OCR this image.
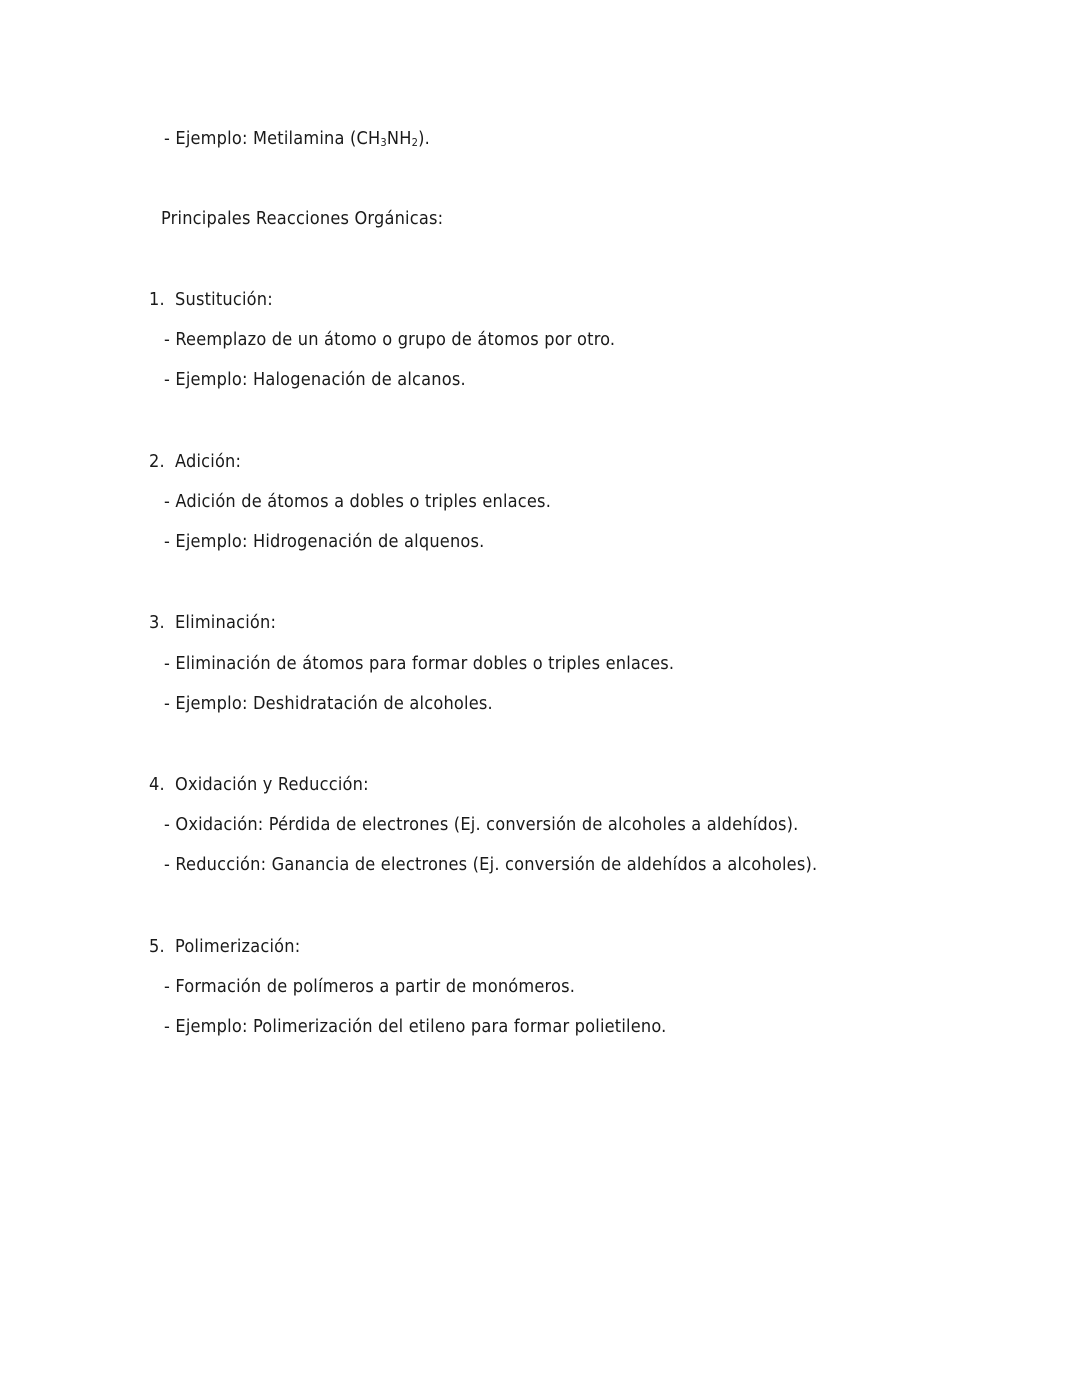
- Ejemplo: Metilamina $(CH_3NH_2)$.
Principales Reacciones Orgánicas:
1. Sustitución:
- Reemplazo de un átomo o grupo de átomos por otro.
- Ejemplo: Halogenación de alcanos.
2. Adición:
- Adición de átomos a dobles o triples enlaces.
- Ejemplo: Hidrogenación de alquenos.
3. Eliminación:
- Eliminación de átomos para formar dobles o triples enlaces.
- Ejemplo: Deshidratación de alcoholes.
4. Oxidación y Reducción:
- Oxidación: Pérdida de electrones (Ej. conversión de alcoholes a aldehídos).
- Reducción: Ganancia de electrones (Ej. conversión de aldehídos a alcoholes).
5. Polimerización:
- Formación de polímeros a partir de monómeros.
- Ejemplo: Polimerización del etileno para formar polietileno.
